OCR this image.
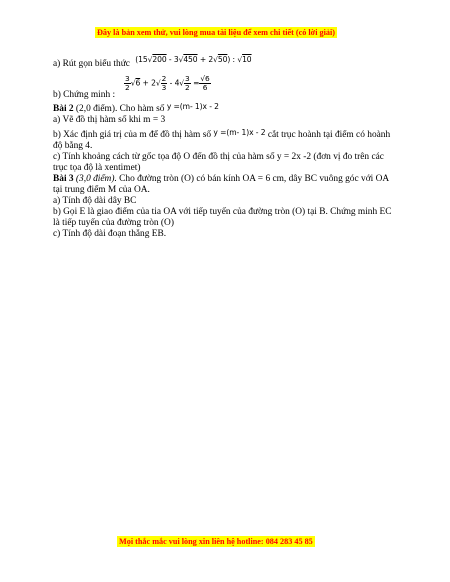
Đây là bản xem thử, vui lòng mua tài liệu để xem chi tiết (có lời giải)
a) Rút gọn biểu thức $^{(15√200 - 3√450 + 2√50) : √10}$
b) Chứng minh :
$\frac{3}{2} √6 + 2√ \frac{2}{3} - 4√ \frac{3}{2} = \frac{√6}{6}$
Bài 2 (2,0 điểm). Cho hàm số $^{y =(m- 1)x - 2}$
a) Vẽ đồ thị hàm số khi m = 3
b) Xác định giá trị của m để đồ thị hàm số $^{y =(m- 1)x - 2}$ cắt trục hoành tại điểm có hoành độ bằng 4.
c) Tính khoảng cách từ gốc tọa độ O đến đồ thị của hàm số y = 2x -2 (đơn vị đo trên các trục tọa độ là xentimet)
Bài 3 (3,0 điểm). Cho đường tròn (O) có bán kính OA = 6 cm, dây BC vuông góc với OA tại trung điểm M của OA.
a) Tính độ dài dây BC
b) Gọi E là giao điểm của tia OA với tiếp tuyến của đường tròn (O) tại B. Chứng minh EC là tiếp tuyến của đường tròn (O)
c) Tính độ dài đoạn thẳng EB.
Mọi thắc mắc vui lòng xin liên hệ hotline: 084 283 45 85
